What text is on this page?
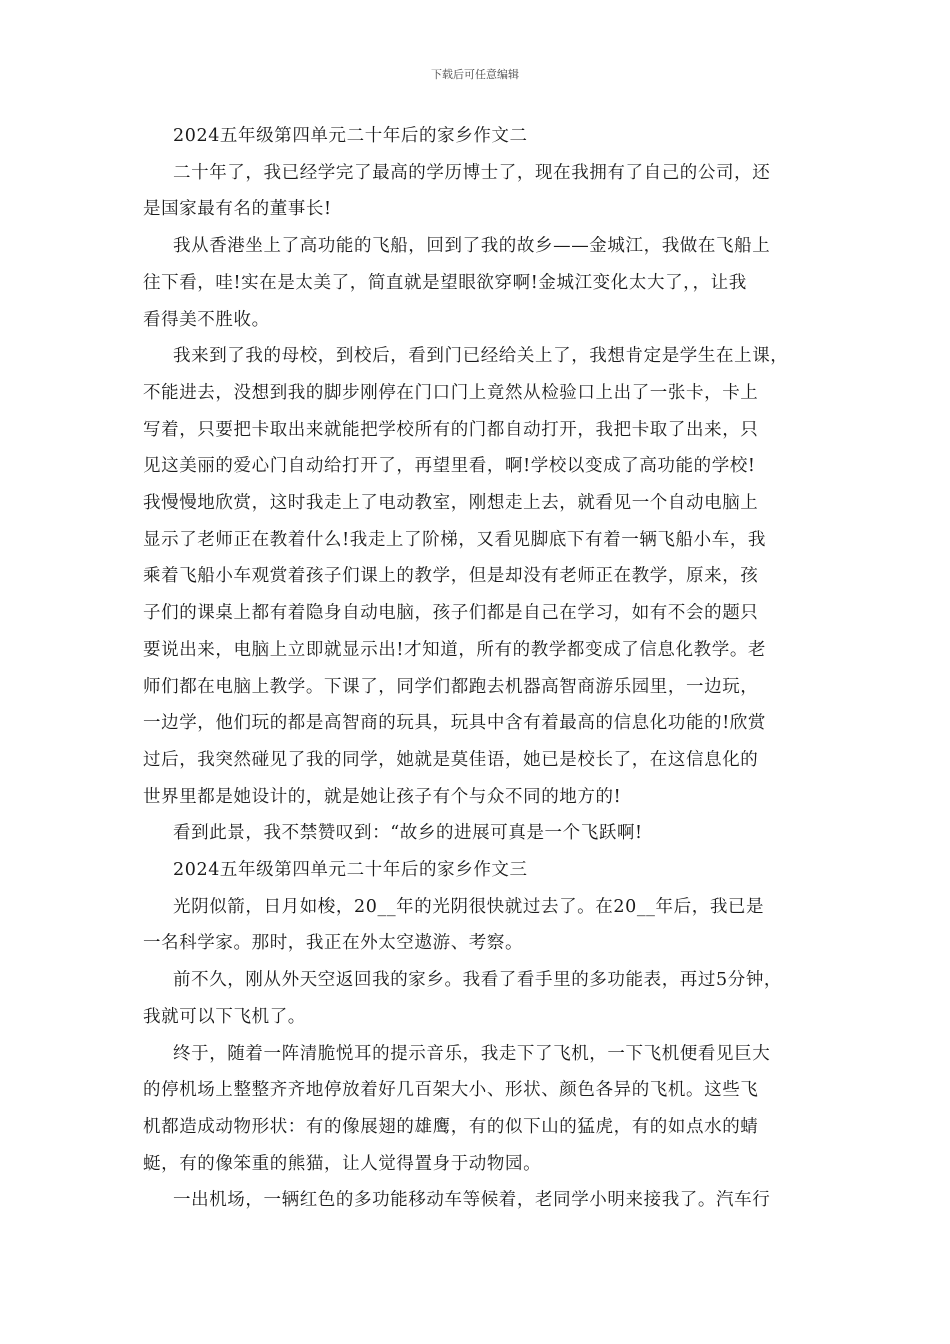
下载后可任意编辑

2024五年级第四单元二十年后的家乡作文二

二十年了，我已经学完了最高的学历博士了，现在我拥有了自己的公司，还

是国家最有名的董事长!

我从香港坐上了高功能的飞船，回到了我的故乡——金城江，我做在飞船上

往下看，哇!实在是太美了，简直就是望眼欲穿啊!金城江变化太大了，，让我

看得美不胜收。

我来到了我的母校，到校后，看到门已经给关上了，我想肯定是学生在上课，

不能进去，没想到我的脚步刚停在门口门上竟然从检验口上出了一张卡，卡上

写着，只要把卡取出来就能把学校所有的门都自动打开，我把卡取了出来，只

见这美丽的爱心门自动给打开了，再望里看，啊!学校以变成了高功能的学校!

我慢慢地欣赏，这时我走上了电动教室，刚想走上去，就看见一个自动电脑上

显示了老师正在教着什么!我走上了阶梯，又看见脚底下有着一辆飞船小车，我

乘着飞船小车观赏着孩子们课上的教学，但是却没有老师正在教学，原来，孩

子们的课桌上都有着隐身自动电脑，孩子们都是自己在学习，如有不会的题只

要说出来，电脑上立即就显示出!才知道，所有的教学都变成了信息化教学。老

师们都在电脑上教学。下课了，同学们都跑去机器高智商游乐园里，一边玩，

一边学，他们玩的都是高智商的玩具，玩具中含有着最高的信息化功能的!欣赏

过后，我突然碰见了我的同学，她就是莫佳语，她已是校长了，在这信息化的

世界里都是她设计的，就是她让孩子有个与众不同的地方的!

看到此景，我不禁赞叹到：“故乡的进展可真是一个飞跃啊!

2024五年级第四单元二十年后的家乡作文三

光阴似箭，日月如梭，20__年的光阴很快就过去了。在20__年后，我已是

一名科学家。那时，我正在外太空遨游、考察。

前不久，刚从外天空返回我的家乡。我看了看手里的多功能表，再过5分钟，

我就可以下飞机了。

终于，随着一阵清脆悦耳的提示音乐，我走下了飞机，一下飞机便看见巨大

的停机场上整整齐齐地停放着好几百架大小、形状、颜色各异的飞机。这些飞

机都造成动物形状：有的像展翅的雄鹰，有的似下山的猛虎，有的如点水的蜻

蜓，有的像笨重的熊猫，让人觉得置身于动物园。

一出机场，一辆红色的多功能移动车等候着，老同学小明来接我了。汽车行
